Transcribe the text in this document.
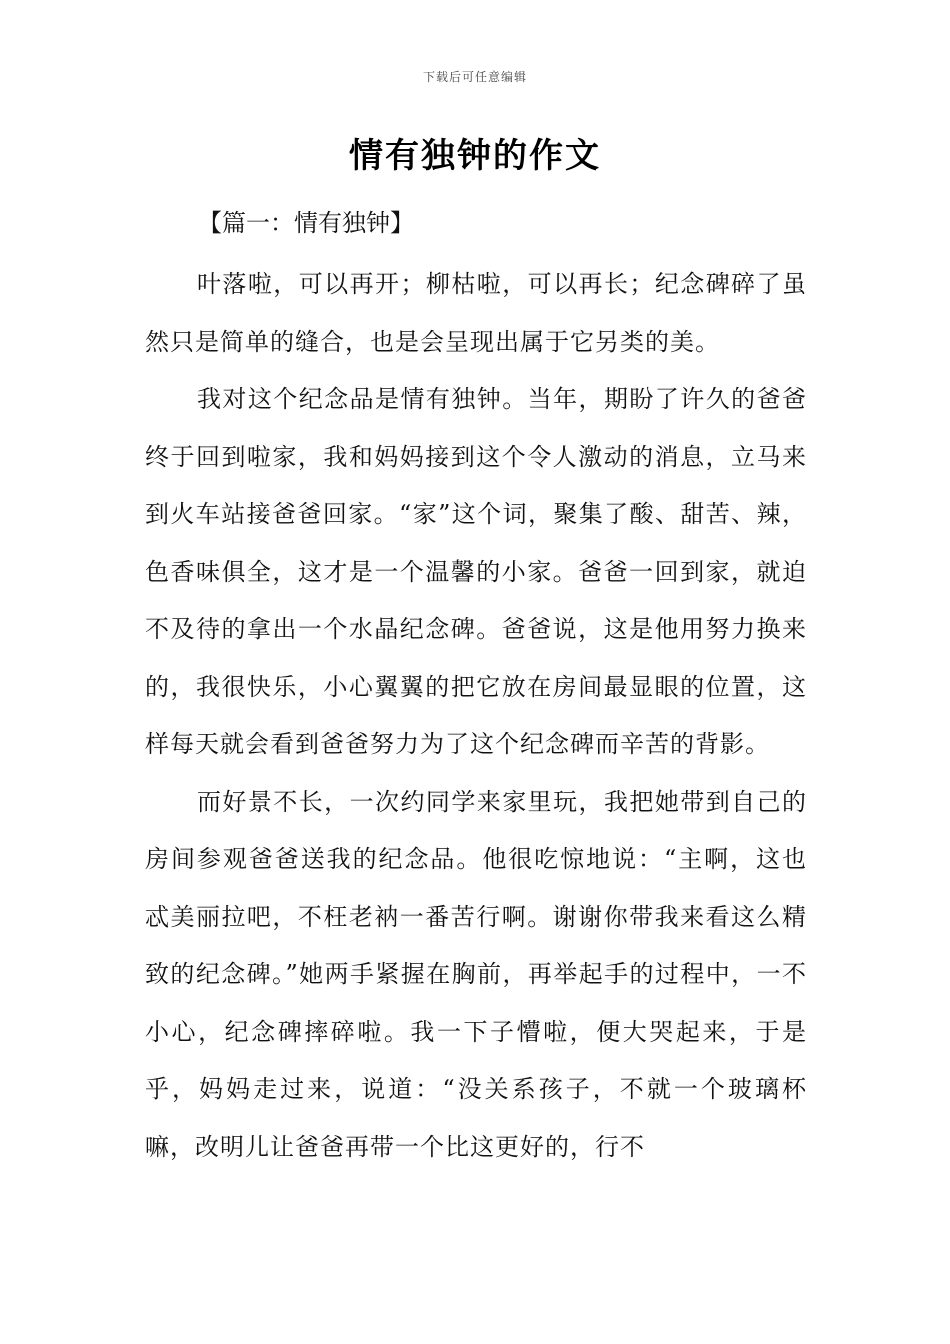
下载后可任意编辑
情有独钟的作文
【篇一：情有独钟】

叶落啦，可以再开；柳枯啦，可以再长；纪念碑碎了虽然只是简单的缝合，也是会呈现出属于它另类的美。

我对这个纪念品是情有独钟。当年，期盼了许久的爸爸终于回到啦家，我和妈妈接到这个令人激动的消息，立马来到火车站接爸爸回家。“家”这个词，聚集了酸、甜苦、辣，色香味俱全，这才是一个温馨的小家。爸爸一回到家，就迫不及待的拿出一个水晶纪念碑。爸爸说，这是他用努力换来的，我很快乐，小心翼翼的把它放在房间最显眼的位置，这样每天就会看到爸爸努力为了这个纪念碑而辛苦的背影。

而好景不长，一次约同学来家里玩，我把她带到自己的房间参观爸爸送我的纪念品。他很吃惊地说：“主啊，这也忒美丽拉吧，不枉老衲一番苦行啊。谢谢你带我来看这么精致的纪念碑。”她两手紧握在胸前，再举起手的过程中，一不小心，纪念碑摔碎啦。我一下子懵啦，便大哭起来，于是乎，妈妈走过来，说道：“没关系孩子，不就一个玻璃杯嘛，改明儿让爸爸再带一个比这更好的，行不
